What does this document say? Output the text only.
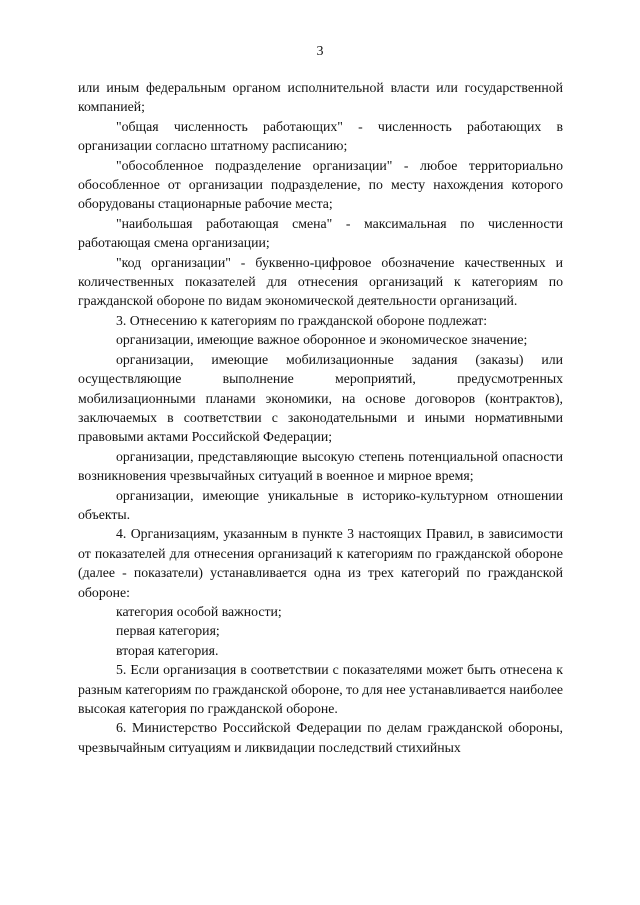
3

или иным федеральным органом исполнительной власти или государственной компанией;

"общая численность работающих" - численность работающих в организации согласно штатному расписанию;

"обособленное подразделение организации" - любое территориально обособленное от организации подразделение, по месту нахождения которого оборудованы стационарные рабочие места;

"наибольшая работающая смена" - максимальная по численности работающая смена организации;

"код организации" - буквенно-цифровое обозначение качественных и количественных показателей для отнесения организаций к категориям по гражданской обороне по видам экономической деятельности организаций.

3. Отнесению к категориям по гражданской обороне подлежат:

организации, имеющие важное оборонное и экономическое значение;

организации, имеющие мобилизационные задания (заказы) или осуществляющие выполнение мероприятий, предусмотренных мобилизационными планами экономики, на основе договоров (контрактов), заключаемых в соответствии с законодательными и иными нормативными правовыми актами Российской Федерации;

организации, представляющие высокую степень потенциальной опасности возникновения чрезвычайных ситуаций в военное и мирное время;

организации, имеющие уникальные в историко-культурном отношении объекты.

4. Организациям, указанным в пункте 3 настоящих Правил, в зависимости от показателей для отнесения организаций к категориям по гражданской обороне (далее - показатели) устанавливается одна из трех категорий по гражданской обороне:

категория особой важности;

первая категория;

вторая категория.

5. Если организация в соответствии с показателями может быть отнесена к разным категориям по гражданской обороне, то для нее устанавливается наиболее высокая категория по гражданской обороне.

6. Министерство Российской Федерации по делам гражданской обороны, чрезвычайным ситуациям и ликвидации последствий стихийных
